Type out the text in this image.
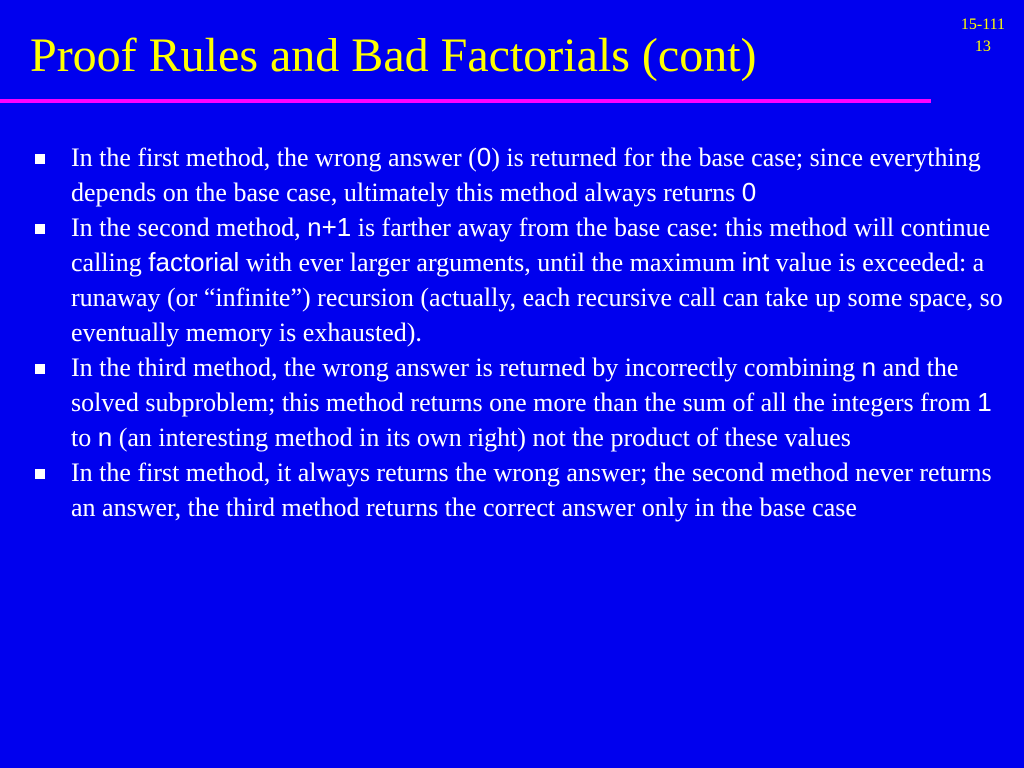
Proof Rules and Bad Factorials (cont)
15-111
13
In the first method, the wrong answer (0) is returned for the base case; since everything depends on the base case, ultimately this method always returns 0
In the second method, n+1 is farther away from the base case: this method will continue calling factorial with ever larger arguments, until the maximum int value is exceeded: a runaway (or “infinite”) recursion (actually, each recursive call can take up some space, so eventually memory is exhausted).
In the third method, the wrong answer is returned by incorrectly combining n and the solved subproblem; this method returns one more than the sum of all the integers from 1 to n (an interesting method in its own right) not the product of these values
In the first method, it always returns the wrong answer; the second method never returns an answer, the third method returns the correct answer only in the base case
